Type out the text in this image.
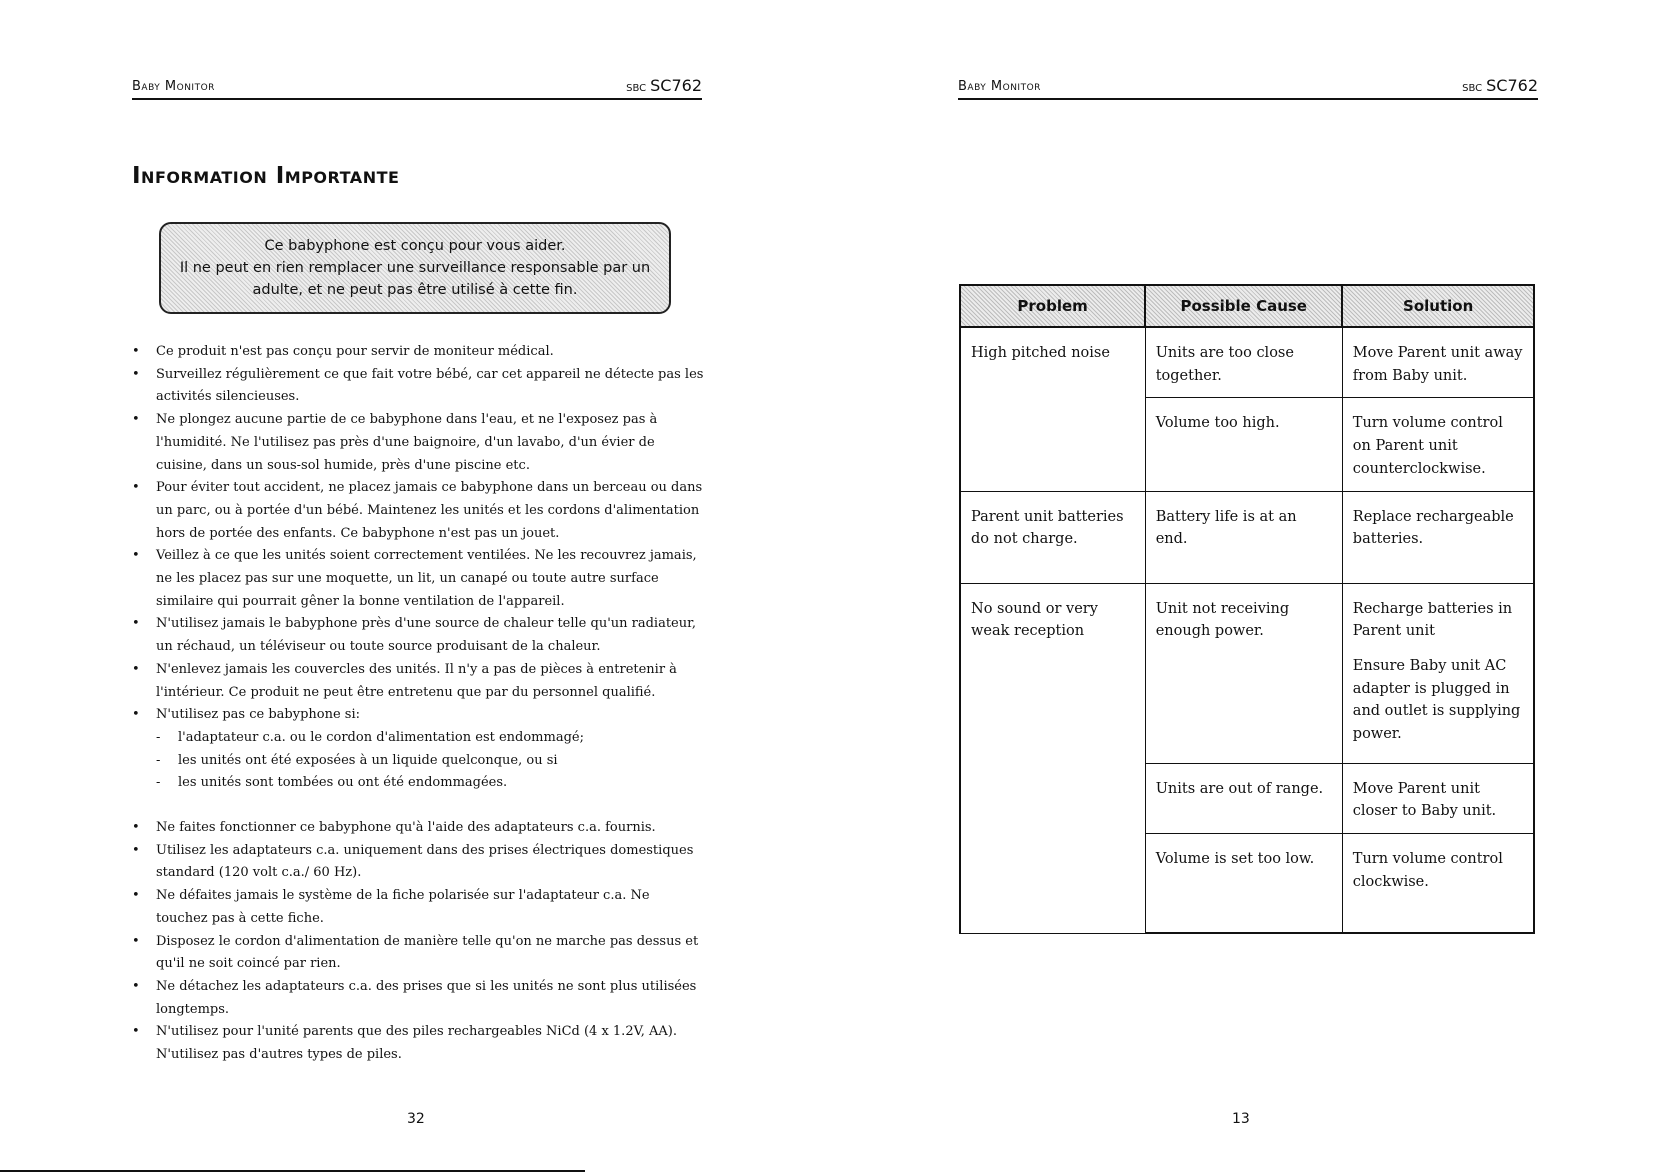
Baby Monitor	SBC SC762
Information Importante
Ce babyphone est conçu pour vous aider.
Il ne peut en rien remplacer une surveillance responsable par un
adulte, et ne peut pas être utilisé à cette fin.
• Ce produit n'est pas conçu pour servir de moniteur médical.
• Surveillez régulièrement ce que fait votre bébé, car cet appareil ne détecte pas les activités silencieuses.
• Ne plongez aucune partie de ce babyphone dans l'eau, et ne l'exposez pas à l'humidité. Ne l'utilisez pas près d'une baignoire, d'un lavabo, d'un évier de cuisine, dans un sous-sol humide, près d'une piscine etc.
• Pour éviter tout accident, ne placez jamais ce babyphone dans un berceau ou dans un parc, ou à portée d'un bébé. Maintenez les unités et les cordons d'alimentation hors de portée des enfants. Ce babyphone n'est pas un jouet.
• Veillez à ce que les unités soient correctement ventilées. Ne les recouvrez jamais, ne les placez pas sur une moquette, un lit, un canapé ou toute autre surface similaire qui pourrait gêner la bonne ventilation de l'appareil.
• N'utilisez jamais le babyphone près d'une source de chaleur telle qu'un radiateur, un réchaud, un téléviseur ou toute source produisant de la chaleur.
• N'enlevez jamais les couvercles des unités. Il n'y a pas de pièces à entretenir à l'intérieur. Ce produit ne peut être entretenu que par du personnel qualifié.
• N'utilisez pas ce babyphone si:
- l'adaptateur c.a. ou le cordon d'alimentation est endommagé;
- les unités ont été exposées à un liquide quelconque, ou si
- les unités sont tombées ou ont été endommagées.
• Ne faites fonctionner ce babyphone qu'à l'aide des adaptateurs c.a. fournis.
• Utilisez les adaptateurs c.a. uniquement dans des prises électriques domestiques standard (120 volt c.a./ 60 Hz).
• Ne défaites jamais le système de la fiche polarisée sur l'adaptateur c.a. Ne touchez pas à cette fiche.
• Disposez le cordon d'alimentation de manière telle qu'on ne marche pas dessus et qu'il ne soit coincé par rien.
• Ne détachez les adaptateurs c.a. des prises que si les unités ne sont plus utilisées longtemps.
• N'utilisez pour l'unité parents que des piles rechargeables NiCd (4 x 1.2V, AA). N'utilisez pas d'autres types de piles.
32
Baby Monitor	SBC SC762
Problem	Possible Cause	Solution
High pitched noise	Units are too close together.	Move Parent unit away from Baby unit.

	Volume too high.	Turn volume control on Parent unit counterclockwise.

Parent unit batteries do not charge.	Battery life is at an end.	Replace rechargeable batteries.

No sound or very weak reception	Unit not receiving enough power.	Recharge batteries in Parent unit
Ensure Baby unit AC adapter is plugged in and outlet is supplying power.

	Units are out of range.	Move Parent unit closer to Baby unit.

	Volume is set too low.	Turn volume control clockwise.
13
